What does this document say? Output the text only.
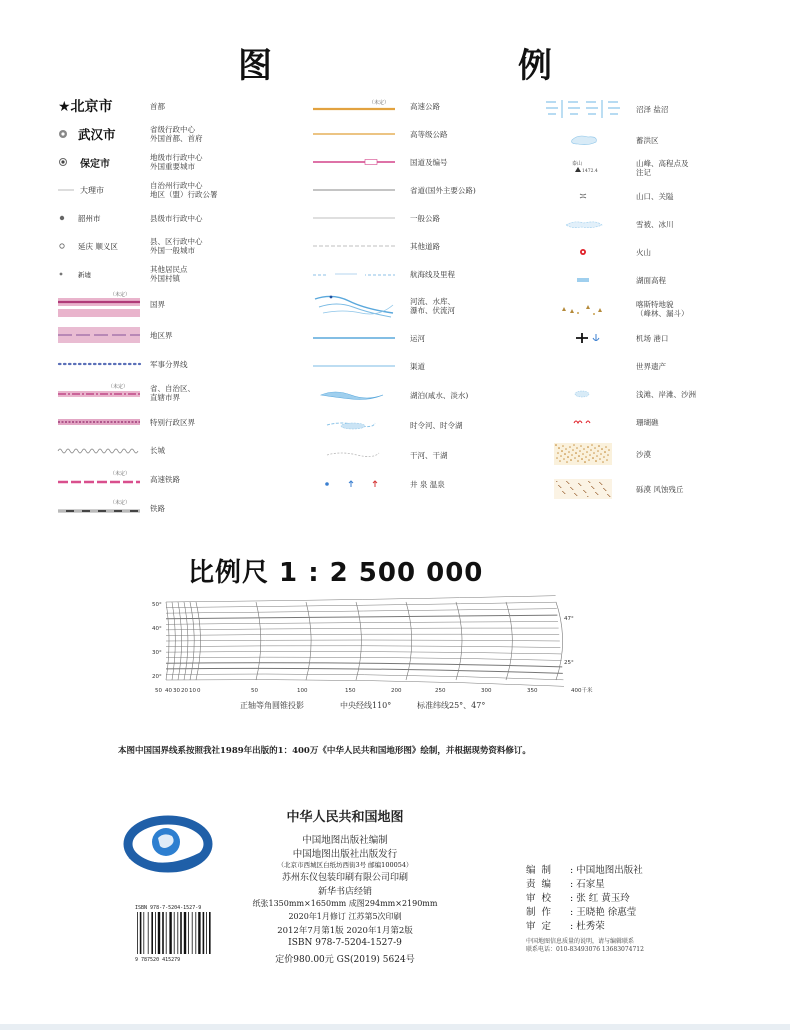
图	例
★北京市	首都
武汉市	省级行政中心
外国首都、首府
保定市
地级市行政中心
外国重要城市
大理市	自治州行政中心
地区（盟）行政公署
韶州市	县级市行政中心
延庆 顺义区	县、区行政中心
外国一般城市
新墟
其他居民点
外国村镇
（未定）
国界
地区界
军事分界线
（未定）	省、自治区、
直辖市界
特别行政区界
长城
（未定）
高速铁路
（未定）
铁路
（未定）	高速公路
高等级公路
国道及编号
省道(国外主要公路)
一般公路
其他道路
航海线及里程
河流、水库、
瀑布、伏流河
运河
渠道
湖泊(咸水、淡水)
时令河、时令湖
干河、干湖
井 泉 温泉
沼泽 盐沼
蓄洪区
泰山
1472.4
山峰、高程点及
注记
山口、关隘
雪被、冰川
火山
湖面高程
喀斯特地貌
（峰林、漏斗）
机场 港口
世界遗产
浅滩、岸滩、沙洲
珊瑚礁
沙漠
砾漠 风蚀残丘
比例尺 1 : 2 500 000
50°
40°
30°
20°
47°
25°
50 40 30 20 10 0	50	100	150	200	250	300	350	400千米
正轴等角圆锥投影	中央经线110°	标准纬线25°、47°
本图中国国界线系按照我社1989年出版的1：400万《中华人民共和国地形图》绘制，并根据现势资料修订。
中华人民共和国地图
中国地图出版社编制
中国地图出版社出版发行
（北京市西城区白纸坊西街3号 邮编100054）
苏州东仪包装印刷有限公司印刷
新华书店经销
纸张1350mm×1650mm 成图294mm×2190mm
2020年1月修订 江苏第5次印刷
2012年7月第1版 2020年1月第2版
ISBN 978-7-5204-1527-9
定价980.00元 GS(2019) 5624号
ISBN 978-7-5204-1527-9
9 787520 415279
编制 : 中国地图出版社
责编 : 石家星
审校 : 张 红 黄玉玲
制作 : 王晓艳 徐惠莹
审定 : 杜秀荣
中国地图信息质量的说明，请与编辑联系
联系电话：010-83493076 13683074712
